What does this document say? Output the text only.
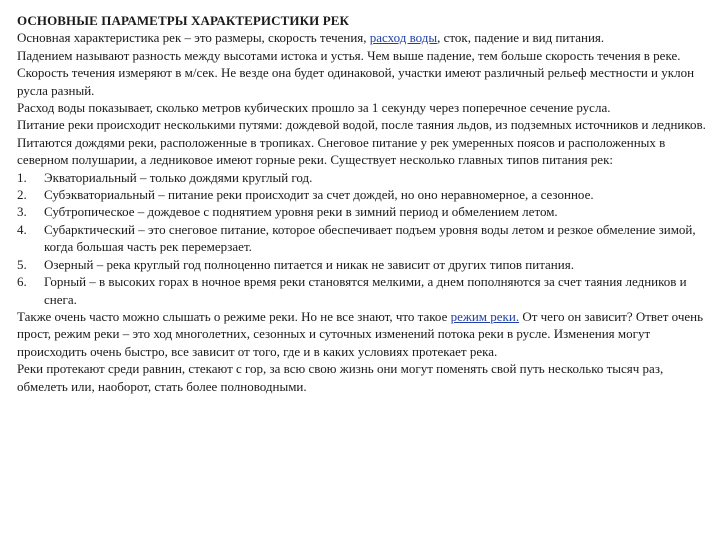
ОСНОВНЫЕ ПАРАМЕТРЫ ХАРАКТЕРИСТИКИ РЕК

Основная характеристика рек – это размеры, скорость течения, расход воды, сток, падение и вид питания.

Падением называют разность между высотами истока и устья. Чем выше падение, тем больше скорость течения в реке.

Скорость течения измеряют в м/сек. Не везде она будет одинаковой, участки имеют различный рельеф местности и уклон русла разный.

Расход воды показывает, сколько метров кубических прошло за 1 секунду через поперечное сечение русла.

Питание реки происходит несколькими путями: дождевой водой, после таяния льдов, из подземных источников и ледников. Питаются дождями реки, расположенные в тропиках. Снеговое питание у рек умеренных поясов и расположенных в северном полушарии, а ледниковое имеют горные реки. Существует несколько главных типов питания рек:

1. Экваториальный – только дождями круглый год.
2. Субэкваториальный – питание реки происходит за счет дождей, но оно неравномерное, а сезонное.
3. Субтропическое – дождевое с поднятием уровня реки в зимний период и обмелением летом.
4. Субарктический – это снеговое питание, которое обеспечивает подъем уровня воды летом и резкое обмеление зимой, когда большая часть рек перемерзает.
5. Озерный – река круглый год полноценно питается и никак не зависит от других типов питания.
6. Горный – в высоких горах в ночное время реки становятся мелкими, а днем пополняются за счет таяния ледников и снега.

Также очень часто можно слышать о режиме реки. Но не все знают, что такое режим реки. От чего он зависит? Ответ очень прост, режим реки – это ход многолетних, сезонных и суточных изменений потока реки в русле. Изменения могут происходить очень быстро, все зависит от того, где и в каких условиях протекает река.

Реки протекают среди равнин, стекают с гор, за всю свою жизнь они могут поменять свой путь несколько тысяч раз, обмелеть или, наоборот, стать более полноводными.
